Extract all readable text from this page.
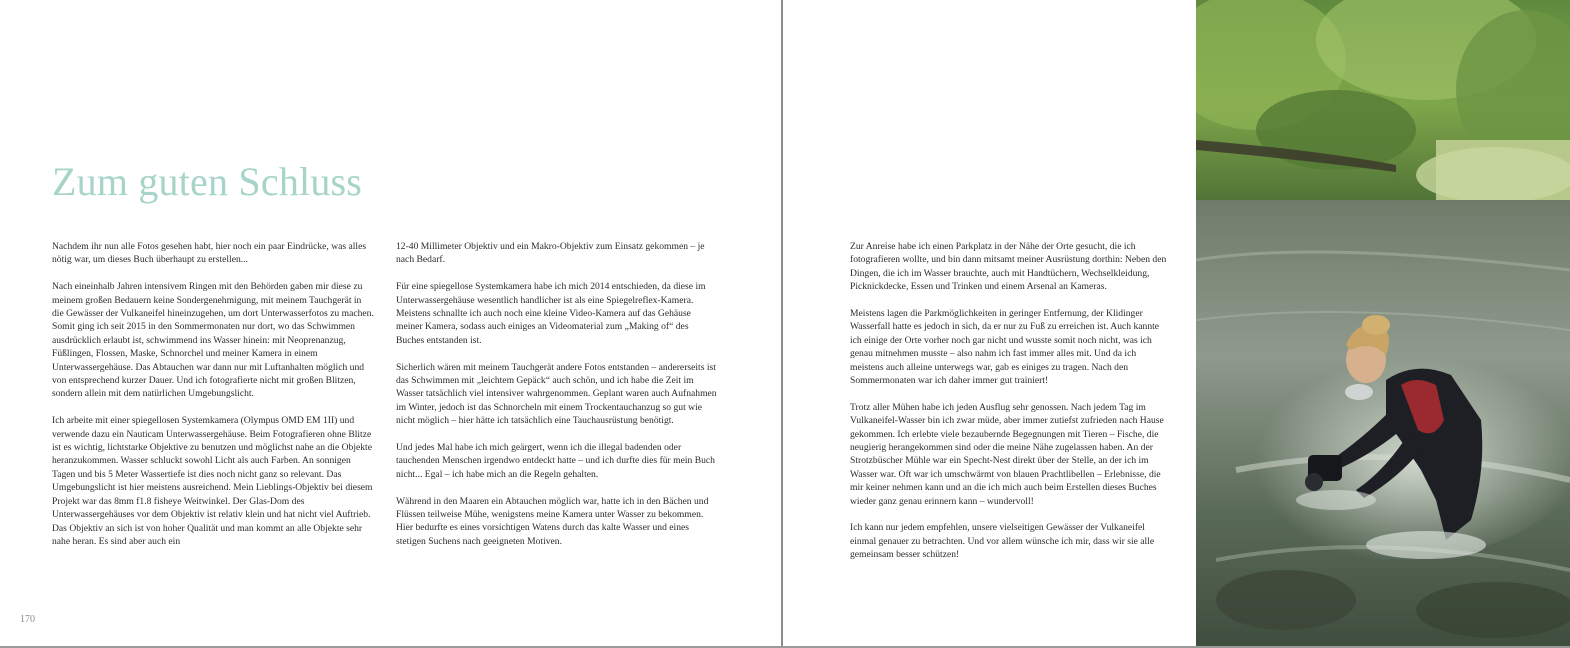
Zum guten Schluss

Nachdem ihr nun alle Fotos gesehen habt, hier noch ein paar Eindrücke, was alles nötig war, um dieses Buch überhaupt zu erstellen...

Nach eineinhalb Jahren intensivem Ringen mit den Behörden gaben mir diese zu meinem großen Bedauern keine Sondergenehmigung, mit meinem Tauchgerät in die Gewässer der Vulkaneifel hineinzugehen, um dort Unterwasserfotos zu machen. Somit ging ich seit 2015 in den Sommermonaten nur dort, wo das Schwimmen ausdrücklich erlaubt ist, schwimmend ins Wasser hinein: mit Neoprenanzug, Füßlingen, Flossen, Maske, Schnorchel und meiner Kamera in einem Unterwassergehäuse. Das Abtauchen war dann nur mit Luftanhalten möglich und von entsprechend kurzer Dauer. Und ich fotografierte nicht mit großen Blitzen, sondern allein mit dem natürlichen Umgebungslicht.

Ich arbeite mit einer spiegellosen Systemkamera (Olympus OMD EM 1II) und verwende dazu ein Nauticam Unterwassergehäuse. Beim Fotografieren ohne Blitze ist es wichtig, lichtstarke Objektive zu benutzen und möglichst nahe an die Objekte heranzukommen. Wasser schluckt sowohl Licht als auch Farben. An sonnigen Tagen und bis 5 Meter Wassertiefe ist dies noch nicht ganz so relevant. Das Umgebungslicht ist hier meistens ausreichend. Mein Lieblings-Objektiv bei diesem Projekt war das 8mm f1.8 fisheye Weitwinkel. Der Glas-Dom des Unterwassergehäuses vor dem Objektiv ist relativ klein und hat nicht viel Auftrieb. Das Objektiv an sich ist von hoher Qualität und man kommt an alle Objekte sehr nahe heran. Es sind aber auch ein

12-40 Millimeter Objektiv und ein Makro-Objektiv zum Einsatz gekommen – je nach Bedarf.

Für eine spiegellose Systemkamera habe ich mich 2014 entschieden, da diese im Unterwassergehäuse wesentlich handlicher ist als eine Spiegelreflex-Kamera. Meistens schnallte ich auch noch eine kleine Video-Kamera auf das Gehäuse meiner Kamera, sodass auch einiges an Videomaterial zum „Making of“ des Buches entstanden ist.

Sicherlich wären mit meinem Tauchgerät andere Fotos entstanden – andererseits ist das Schwimmen mit „leichtem Gepäck“ auch schön, und ich habe die Zeit im Wasser tatsächlich viel intensiver wahrgenommen. Geplant waren auch Aufnahmen im Winter, jedoch ist das Schnorcheln mit einem Trockentauchanzug so gut wie nicht möglich – hier hätte ich tatsächlich eine Tauchausrüstung benötigt.

Und jedes Mal habe ich mich geärgert, wenn ich die illegal badenden oder tauchenden Menschen irgendwo entdeckt hatte – und ich durfte dies für mein Buch nicht... Egal – ich habe mich an die Regeln gehalten.

Während in den Maaren ein Abtauchen möglich war, hatte ich in den Bächen und Flüssen teilweise Mühe, wenigstens meine Kamera unter Wasser zu bekommen. Hier bedurfte es eines vorsichtigen Watens durch das kalte Wasser und eines stetigen Suchens nach geeigneten Motiven.

170

Zur Anreise habe ich einen Parkplatz in der Nähe der Orte gesucht, die ich fotografieren wollte, und bin dann mitsamt meiner Ausrüstung dorthin: Neben den Dingen, die ich im Wasser brauchte, auch mit Handtüchern, Wechselkleidung, Picknickdecke, Essen und Trinken und einem Arsenal an Kameras.

Meistens lagen die Parkmöglichkeiten in geringer Entfernung, der Klidinger Wasserfall hatte es jedoch in sich, da er nur zu Fuß zu erreichen ist. Auch kannte ich einige der Orte vorher noch gar nicht und wusste somit noch nicht, was ich genau mitnehmen musste – also nahm ich fast immer alles mit. Und da ich meistens auch alleine unterwegs war, gab es einiges zu tragen. Nach den Sommermonaten war ich daher immer gut trainiert!

Trotz aller Mühen habe ich jeden Ausflug sehr genossen. Nach jedem Tag im Vulkaneifel-Wasser bin ich zwar müde, aber immer zutiefst zufrieden nach Hause gekommen. Ich erlebte viele bezaubernde Begegnungen mit Tieren – Fische, die neugierig herangekommen sind oder die meine Nähe zugelassen haben. An der Strotzbüscher Mühle war ein Specht-Nest direkt über der Stelle, an der ich im Wasser war. Oft war ich umschwärmt von blauen Prachtlibellen – Erlebnisse, die mir keiner nehmen kann und an die ich mich auch beim Erstellen dieses Buches wieder ganz genau erinnern kann – wundervoll!

Ich kann nur jedem empfehlen, unsere vielseitigen Gewässer der Vulkaneifel einmal genauer zu betrachten. Und vor allem wünsche ich mir, dass wir sie alle gemeinsam besser schützen!
